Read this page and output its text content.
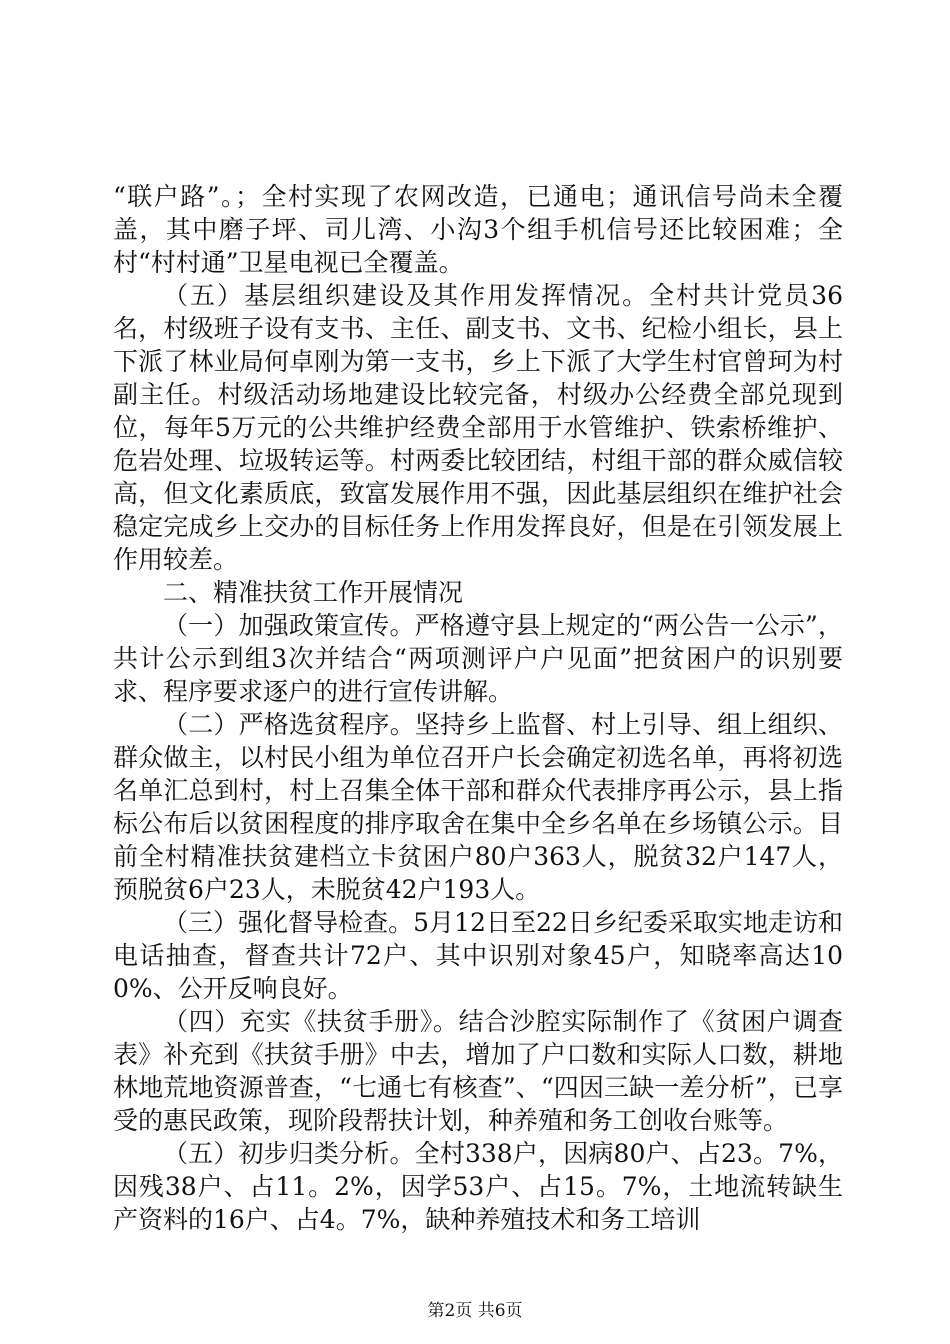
“联户路”。；全村实现了农网改造，已通电；通讯信号尚未全覆盖，其中磨子坪、司儿湾、小沟3个组手机信号还比较困难；全村“村村通”卫星电视已全覆盖。

（五）基层组织建设及其作用发挥情况。全村共计党员36名，村级班子设有支书、主任、副支书、文书、纪检小组长，县上下派了林业局何卓刚为第一支书，乡上下派了大学生村官曾珂为村副主任。村级活动场地建设比较完备，村级办公经费全部兑现到位，每年5万元的公共维护经费全部用于水管维护、铁索桥维护、危岩处理、垃圾转运等。村两委比较团结，村组干部的群众威信较高，但文化素质底，致富发展作用不强，因此基层组织在维护社会稳定完成乡上交办的目标任务上作用发挥良好，但是在引领发展上作用较差。

二、精准扶贫工作开展情况

（一）加强政策宣传。严格遵守县上规定的“两公告一公示”，共计公示到组3次并结合“两项测评户户见面”把贫困户的识别要求、程序要求逐户的进行宣传讲解。

（二）严格选贫程序。坚持乡上监督、村上引导、组上组织、群众做主，以村民小组为单位召开户长会确定初选名单，再将初选名单汇总到村，村上召集全体干部和群众代表排序再公示，县上指标公布后以贫困程度的排序取舍在集中全乡名单在乡场镇公示。目前全村精准扶贫建档立卡贫困户80户363人，脱贫32户147人，预脱贫6户23人，未脱贫42户193人。

（三）强化督导检查。5月12日至22日乡纪委采取实地走访和电话抽查，督查共计72户、其中识别对象45户，知晓率高达100%、公开反响良好。

（四）充实《扶贫手册》。结合沙腔实际制作了《贫困户调查表》补充到《扶贫手册》中去，增加了户口数和实际人口数，耕地林地荒地资源普查，“七通七有核查”、“四因三缺一差分析”，已享受的惠民政策，现阶段帮扶计划，种养殖和务工创收台账等。

（五）初步归类分析。全村338户，因病80户、占23。7%，因残38户、占11。2%，因学53户、占15。7%，土地流转缺生产资料的16户、占4。7%，缺种养殖技术和务工培训

第2页 共6页
